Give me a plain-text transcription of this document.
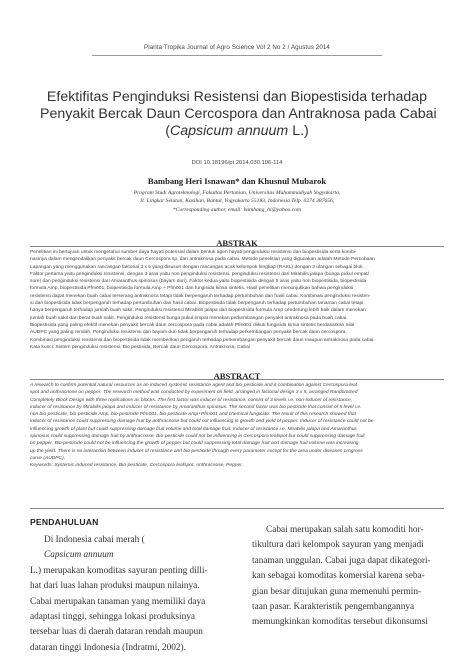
Planta Tropika Journal of Agro Science Vol 2 No 2 / Agustus 2014
Efektifitas Penginduksi Resistensi dan Biopestisida terhadap
Penyakit Bercak Daun Cercospora dan Antraknosa pada Cabai
(Capsicum annuum L.)
DOI 10.18196/pt.2014.030.106-114
Bambang Heri Isnawan* dan Khusnul Mubarok
Program Studi Agroteknologi, Fakultas Pertanian, Universitas Muhammadiyah Yogyakarta,
Jl. Lingkar Selatan, Kasihan, Bantul, Yogyakarta 55183, Indonesia Telp. 0274 387656,
*Corresponding author, email: bambang_hi@yahoo.com
ABSTRAK
Penelitian ini bertujuan untuk mengetahui sumber daya hayati potensial dalam bentuk agen hayati penginduksi resistensi dan biopestisida serta kombi-
nasinya dalam mengendalikan penyakit bercak daun Cercospora sp. dan antraknosa pada cabai. Metode penelitian yang digunakan adalah Metode Percobaan
Lapangan yang menggunakan rancangan faktorial 3 x 5 yang disusun dengan rancangan acak kelompok lengkap (RAKL) dengan 3 ulangan sebagai blok.
Faktor pertama yaitu penginduksi resistensi, dengan 3 aras yaitu non penginduksi resistensi, penginduksi resistensi dari Mirabilis jalapa (bunga pukul empat/
sore) dan penginduksi resistensi dari Amaranthus spinosus (bayam duri). Faktor kedua yaitu biopestisida dengan 5 aras yaitu non biopestisida, biopestisida
formula Amp, biopestisida Pfm001, biopestisida formula Amp + Pfm001 dan fungisida kimia sintetis. Hasil penelitian menunjukkan bahwa penginduksi
resistensi dapat menekan buah cabai terserang antraknosa tetapi tidak berpengaruh terhadap pertumbuhan dan hasil cabai. Kombinasi penginduksi resisten-
si dan biopestisida tidak berpengaruh terhadap pertumbuhan dan hasil cabai. Biopestisida tidak berpengaruh terhadap pertumbuhan tanaman cabai tetapi
hanya berpengaruh terhadap jumlah buah sakit. Penginduksi resistensi Mirabilis jalapa dan biopestisida formula Amp cenderung lebih baik dalam menekan
jumlah buah sakit dan berat buah sakit. Penginduksi resistensi bunga pukul empat menekan perkembangan penyakit antraknosa pada buah cabai.
Biopestisida yang paling efektif menekan penyakit bercak daun cercospora pada cabai adalah Pfm001 diikuti fungisida kimia sintetis berdasarkan nilai
AUDPC yang paling rendah. Penginduksi resistensi dari bayam duri tidak berpengaruh terhadap perkembangan penyakit bercak daun cercospora.
Kombinasi penginduksi resistensi dan biopestisida tidak memberikan pengaruh terhadap perkembangan penyakit bercak daun maupun antraknosa pada cabai.
Kata kunci: Sistem penginduksi resistensi, Bio pestisida, Bercak daun Cercospora, Antraknosa, Cabai
ABSTRACT
A research to confirm potential natural resources as an induced systemic resistance agent and bio-pesticide and it combination against Cercospora leaf
spot and anthracnose on pepper. The research method was conducted by experiment on field, arranged in factorial design 3 x 5, arranged Randomized
Completely Block Design with three replications as blocks. The first factor was inducer of resistance, consist of 3 levels i.e. non-inducer of resistance,
inducer of resistance by Mirabilis jalapa and inducer of resistance by Amaranthus spinosus. The second factor was bio pesticide that consist of 5 level i.e.
non bio-pesticide, bio-pesticide Amp, bio-pesticide Pfm001, bio-pesticide Amp+Pfm001 and chemical fungicide. The result of this research showed that
inducer of resistance could suppressing damage fruit by anthracnose but could not influencing in growth and yield of pepper. Inducer of resistance could not be
influencing growth of plant but could suppressing damage fruit volume and total damage fruit. Inducer of resistance i.e. Mirabilis jalapa and Amaranthus
spinosus could suppressing damage fruit by anthracnose. Bio-pesticide could not be influencing in Cercospora leafspot but could suppressing damage fruit
on pepper. Bio-pesticide could not be influencing the growth of pepper but could suppressing total damage fruit and damage fruit volume was increasing
up the yield. There is no interaction between inducer of resistance and bio-pesticide through every parameter except for the area under diseases progress
curve (AUDPC).
Keywords: Systemic induced resistance, Bio-pesticide, Cercospora leafspot, Anthracnose, Pepper.
PENDAHULUAN
Di Indonesia cabai merah (
Capsicum annuum
L.) merupakan komoditas sayuran penting dilli-
hat dari luas lahan produksi maupun nilainya.
Cabai merupakan tanaman yang memiliki daya
adaptasi tinggi, sehingga lokasi produksinya
tersebar luas di daerah dataran rendah maupun
dataran tinggi Indonesia (Indratmi, 2002).
Cabai merupakan salah satu komoditi hor-
tikultura dari kelompok sayuran yang menjadi
tanaman unggulan. Cabai juga dapat dikategori-
kan sebagai komoditas komersial karena seba-
gian besar ditujukan guna memenuhi permin-
taan pasar. Karakteristik pengembangannya
memungkinkan komoditas tersebut dikonsumsi
